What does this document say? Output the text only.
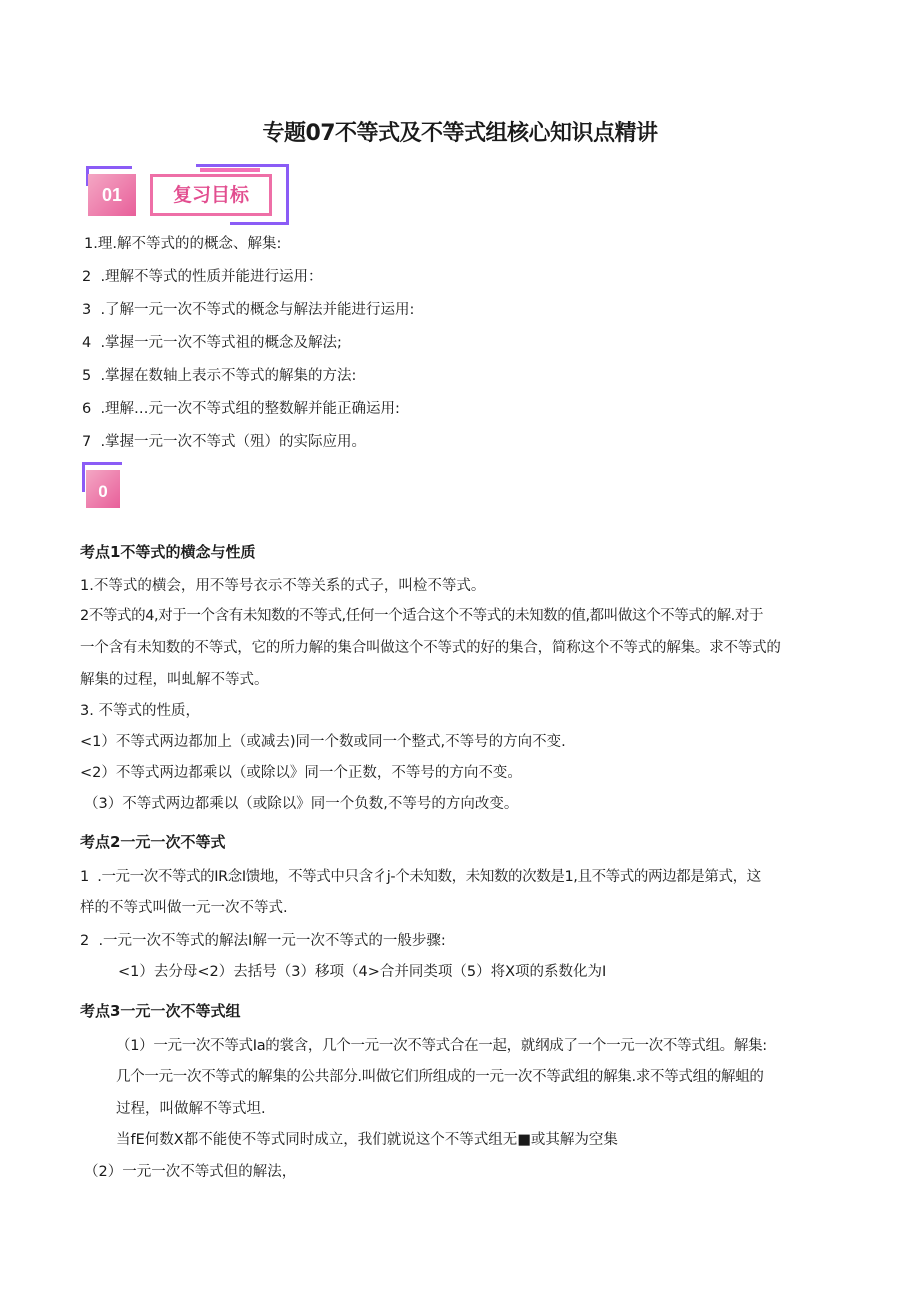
专题07不等式及不等式组核心知识点精讲
01	复习目标
1.理.解不等式的的概念、解集:
2  .理解不等式的性质并能进行运用：
3  .了解一元一次不等式的概念与解法并能进行运用:
4  .掌握一元一次不等式祖的概念及解法;
5  .掌握在数轴上表示不等式的解集的方法:
6  .理解…元一次不等式组的整数解并能正确运用:
7  .掌握一元一次不等式（殂）的实际应用。
0
考点1不等式的横念与性质
1.不等式的横会，用不等号衣示不等关系的式子，叫检不等式。
2不等式的4,对于一个含有未知数的不等式,任何一个适合这个不等式的未知数的值,都叫做这个不等式的解.对于
一个含有未知数的不等式，它的所力解的集合叫做这个不等式的好的集合，简称这个不等式的解集。求不等式的
解集的过程，叫虬解不等式。
3. 不等式的性质，
<1）不等式两边都加上（或减去)同一个数或同一个整式,不等号的方向不变.
<2）不等式两边都乘以（或除以》同一个正数，不等号的方向不变。
（3）不等式两边都乘以（或除以》同一个负数,不等号的方向改变。
考点2一元一次不等式
1  .一元一次不等式的IR念I馈地，不等式中只含彳j-个未知数，未知数的次数是1,且不等式的两边都是第式，这
样的不等式叫做一元一次不等式.
2  .一元一次不等式的解法I解一元一次不等式的一般步骤:
<1）去分母<2）去括号（3）移项（4>合并同类项（5）将X项的系数化为I
考点3一元一次不等式组
（1）一元一次不等式Ia的裳含，几个一元一次不等式合在一起，就纲成了一个一元一次不等式组。解集:
几个一元一次不等式的解集的公共部分.叫做它们所组成的一元一次不等武组的解集.求不等式组的解蛆的
过程，叫做解不等式坦.
当fE何数X都不能使不等式同时成立，我们就说这个不等式组无■或其解为空集
（2）一元一次不等式但的解法，
